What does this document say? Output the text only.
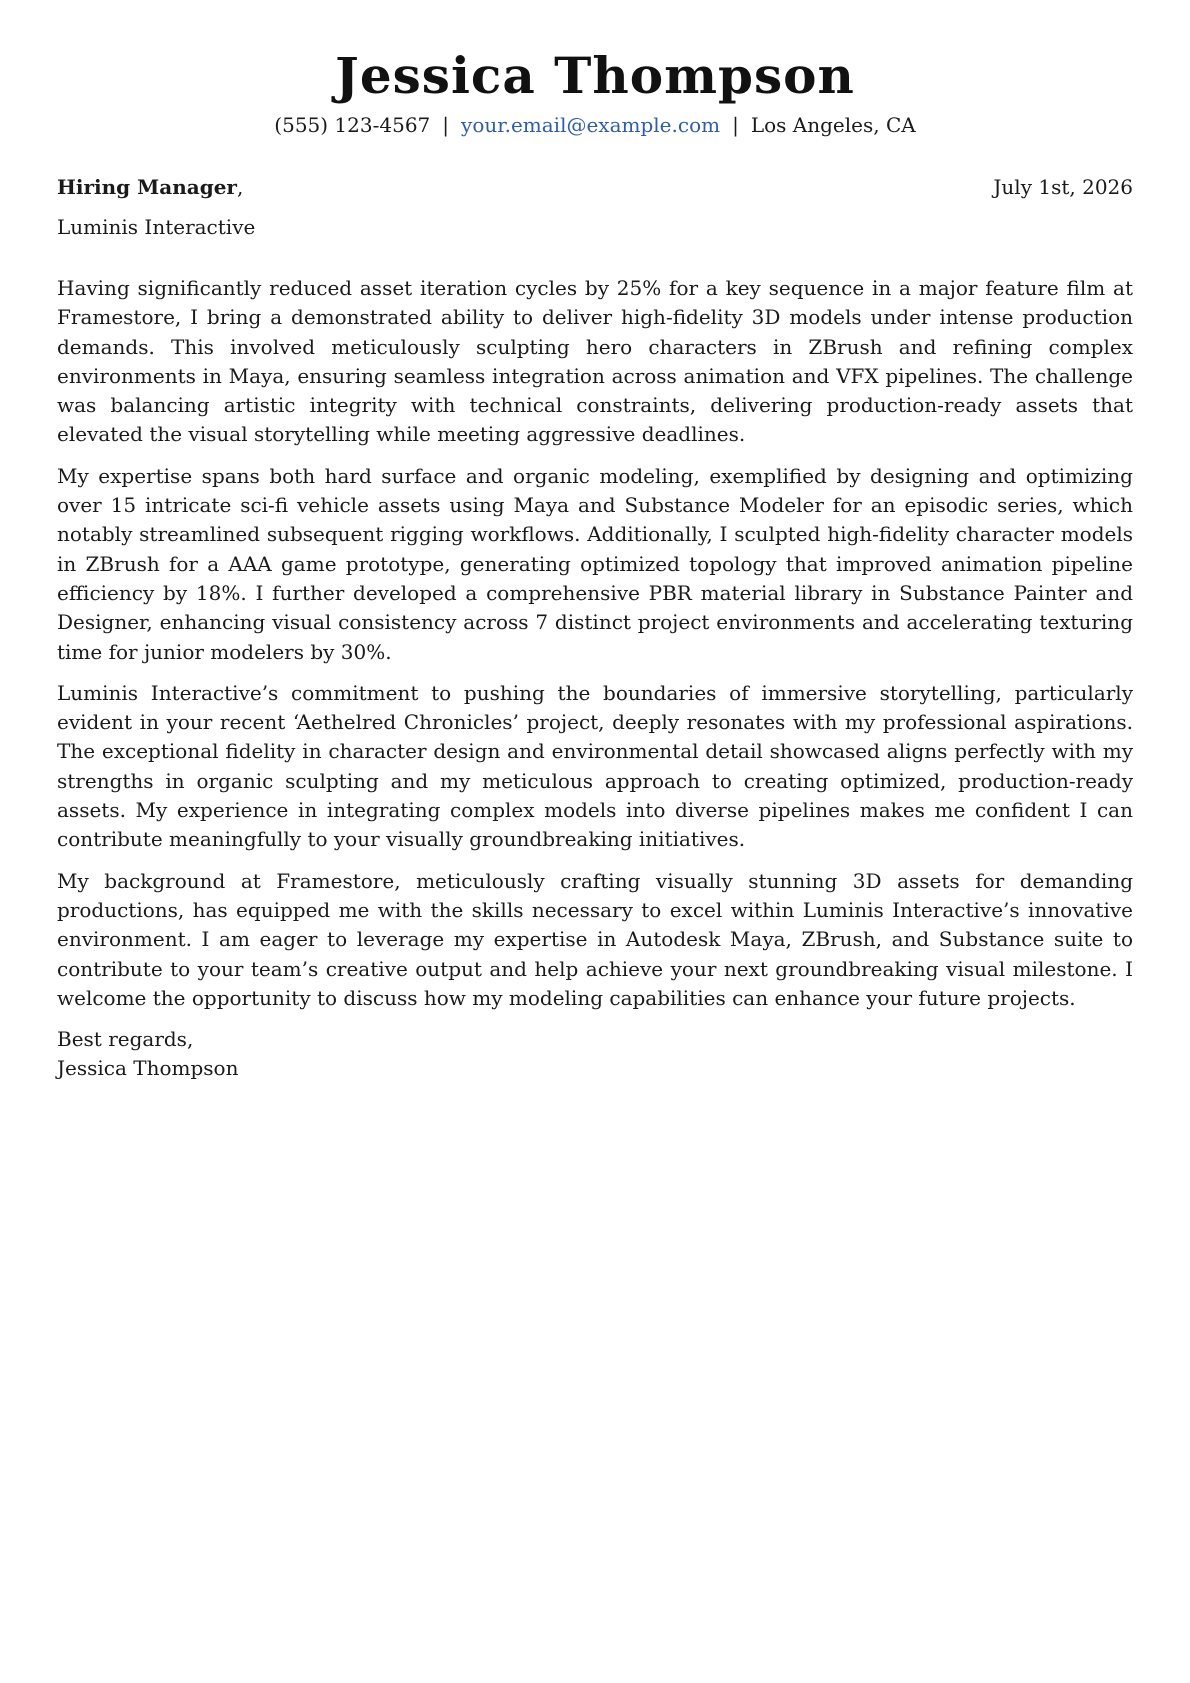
Jessica Thompson
(555) 123-4567 | your.email@example.com | Los Angeles, CA
Hiring Manager,	July 1st, 2026
Luminis Interactive

Having significantly reduced asset iteration cycles by 25% for a key sequence in a major feature film at Framestore, I bring a demonstrated ability to deliver high-fidelity 3D models under intense production demands. This involved meticulously sculpting hero characters in ZBrush and refining complex environments in Maya, ensuring seamless integration across animation and VFX pipelines. The challenge was balancing artistic integrity with technical constraints, delivering production-ready assets that elevated the visual storytelling while meeting aggressive deadlines.

My expertise spans both hard surface and organic modeling, exemplified by designing and optimizing over 15 intricate sci-fi vehicle assets using Maya and Substance Modeler for an episodic series, which notably streamlined subsequent rigging workflows. Additionally, I sculpted high-fidelity character models in ZBrush for a AAA game prototype, generating optimized topology that improved animation pipeline efficiency by 18%. I further developed a comprehensive PBR material library in Substance Painter and Designer, enhancing visual consistency across 7 distinct project environments and accelerating texturing time for junior modelers by 30%.

Luminis Interactive’s commitment to pushing the boundaries of immersive storytelling, particularly evident in your recent ‘Aethelred Chronicles’ project, deeply resonates with my professional aspirations. The exceptional fidelity in character design and environmental detail showcased aligns perfectly with my strengths in organic sculpting and my meticulous approach to creating optimized, production-ready assets. My experience in integrating complex models into diverse pipelines makes me confident I can contribute meaningfully to your visually groundbreaking initiatives.

My background at Framestore, meticulously crafting visually stunning 3D assets for demanding productions, has equipped me with the skills necessary to excel within Luminis Interactive’s innovative environment. I am eager to leverage my expertise in Autodesk Maya, ZBrush, and Substance suite to contribute to your team’s creative output and help achieve your next groundbreaking visual milestone. I welcome the opportunity to discuss how my modeling capabilities can enhance your future projects.

Best regards,
Jessica Thompson
